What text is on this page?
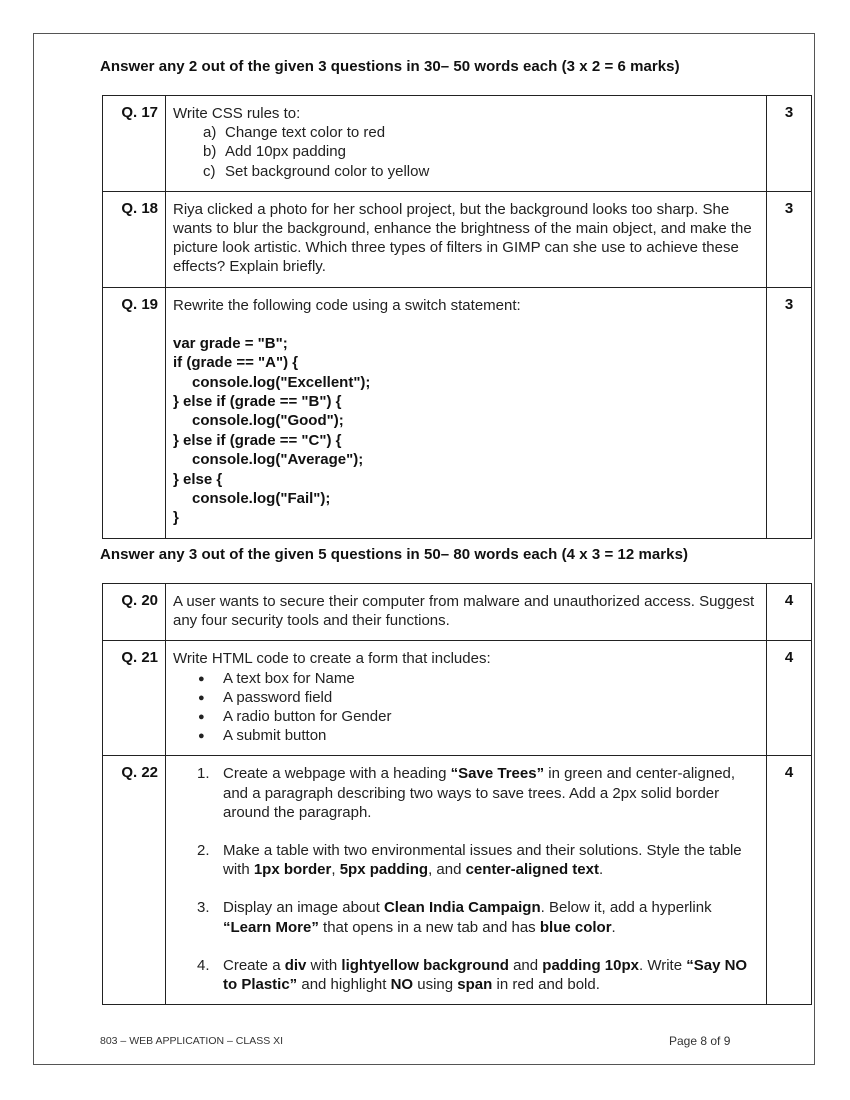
Answer any 2 out of the given 3 questions in 30– 50 words each (3 x 2 = 6 marks)
Q. 17	Write CSS rules to:
a) Change text color to red
b) Add 10px padding
c) Set background color to yellow
	3
Q. 18	Riya clicked a photo for her school project, but the background looks too sharp. She wants to blur the background, enhance the brightness of the main object, and make the picture look artistic. Which three types of filters in GIMP can she use to achieve these effects? Explain briefly.	3
Q. 19	Rewrite the following code using a switch statement:
var grade = "B";
if (grade == "A") {
console.log("Excellent");
} else if (grade == "B") {
console.log("Good");
} else if (grade == "C") {
console.log("Average");
} else {
console.log("Fail");
}
	3
Answer any 3 out of the given 5 questions in 50– 80 words each (4 x 3 = 12 marks)
Q. 20	A user wants to secure their computer from malware and unauthorized access. Suggest any four security tools and their functions.	4
Q. 21	Write HTML code to create a form that includes:
● A text box for Name
● A password field
● A radio button for Gender
● A submit button
	4
Q. 22	1. Create a webpage with a heading “Save Trees” in green and center-aligned, and a paragraph describing two ways to save trees. Add a 2px solid border around the paragraph.
2. Make a table with two environmental issues and their solutions. Style the table with 1px border, 5px padding, and center-aligned text.
3. Display an image about Clean India Campaign. Below it, add a hyperlink “Learn More” that opens in a new tab and has blue color.
4. Create a div with lightyellow background and padding 10px. Write “Say NO to Plastic” and highlight NO using span in red and bold.
	4
803 – WEB APPLICATION – CLASS XI	Page 8 of 9
